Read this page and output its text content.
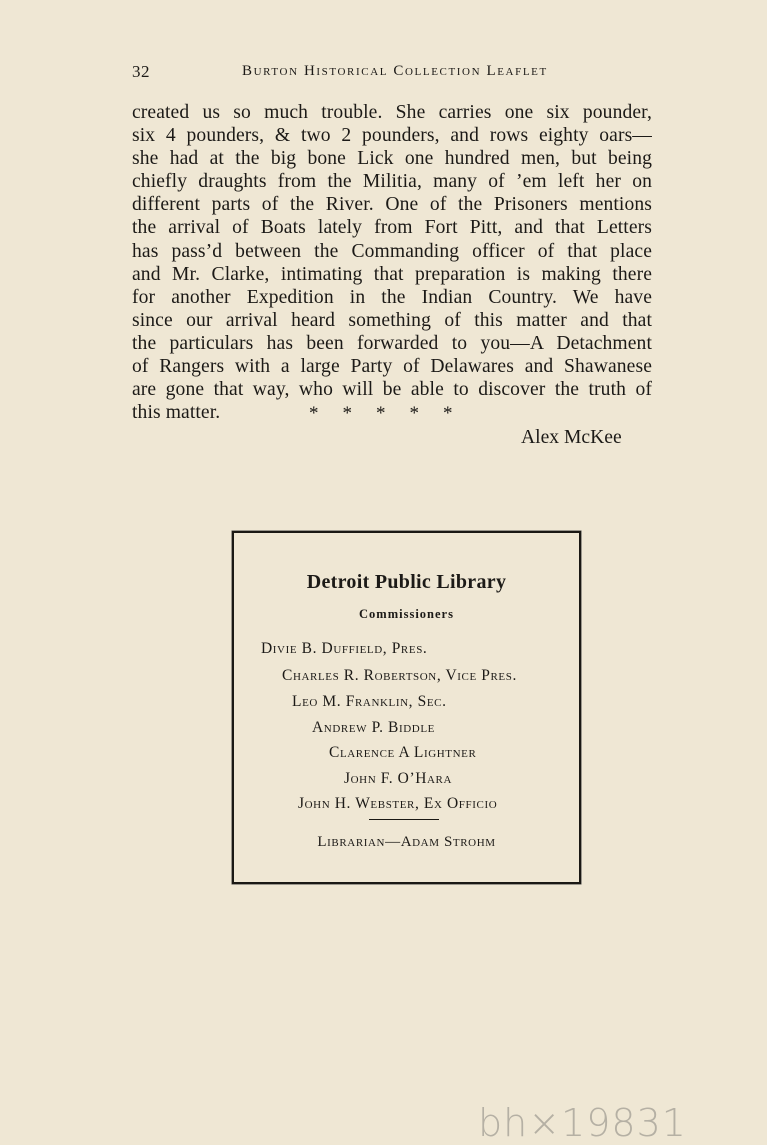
32	Burton Historical Collection Leaflet
created us so much trouble. She carries one six pounder,
six 4 pounders, & two 2 pounders, and rows eighty oars—
she had at the big bone Lick one hundred men, but being
chiefly draughts from the Militia, many of ’em left her on
different parts of the River. One of the Prisoners mentions
the arrival of Boats lately from Fort Pitt, and that Letters
has pass’d between the Commanding officer of that place
and Mr. Clarke, intimating that preparation is making there
for another Expedition in the Indian Country. We have
since our arrival heard something of this matter and that
the particulars has been forwarded to you—A Detachment
of Rangers with a large Party of Delawares and Shawanese
are gone that way, who will be able to discover the truth of
this matter.	*    *    *    *    *
Alex McKee
Detroit Public Library
Commissioners
Divie B. Duffield, Pres.
Charles R. Robertson, Vice Pres.
Leo M. Franklin, Sec.
Andrew P. Biddle
Clarence A Lightner
John F. O’Hara
John H. Webster, Ex Officio
Librarian—Adam Strohm
bh×19831
